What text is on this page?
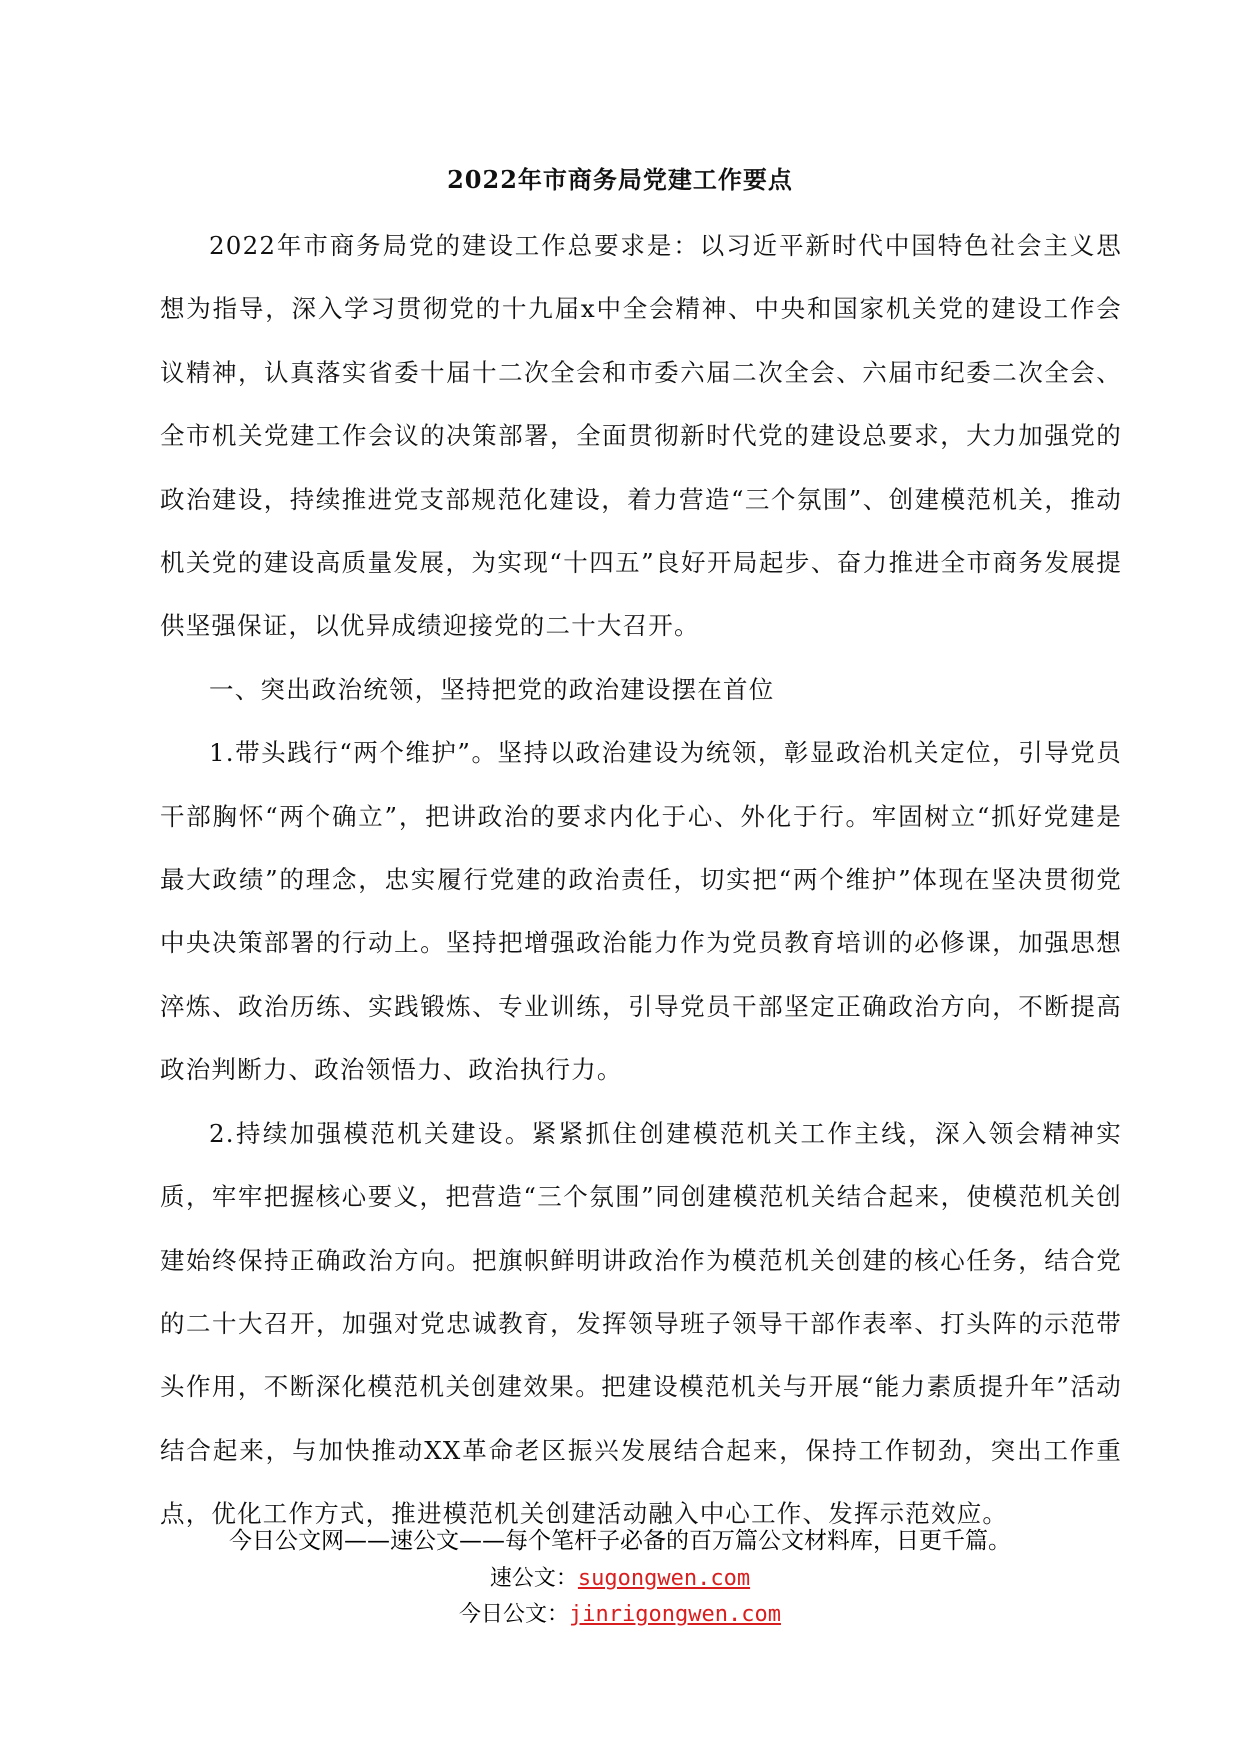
2022年市商务局党建工作要点

2022年市商务局党的建设工作总要求是：以习近平新时代中国特色社会主义思想为指导，深入学习贯彻党的十九届x中全会精神、中央和国家机关党的建设工作会议精神，认真落实省委十届十二次全会和市委六届二次全会、六届市纪委二次全会、全市机关党建工作会议的决策部署，全面贯彻新时代党的建设总要求，大力加强党的政治建设，持续推进党支部规范化建设，着力营造“三个氛围”、创建模范机关，推动机关党的建设高质量发展，为实现“十四五”良好开局起步、奋力推进全市商务发展提供坚强保证，以优异成绩迎接党的二十大召开。

一、突出政治统领，坚持把党的政治建设摆在首位

1.带头践行“两个维护”。坚持以政治建设为统领，彰显政治机关定位，引导党员干部胸怀“两个确立”，把讲政治的要求内化于心、外化于行。牢固树立“抓好党建是最大政绩”的理念，忠实履行党建的政治责任，切实把“两个维护”体现在坚决贯彻党中央决策部署的行动上。坚持把增强政治能力作为党员教育培训的必修课，加强思想淬炼、政治历练、实践锻炼、专业训练，引导党员干部坚定正确政治方向，不断提高政治判断力、政治领悟力、政治执行力。

2.持续加强模范机关建设。紧紧抓住创建模范机关工作主线，深入领会精神实质，牢牢把握核心要义，把营造“三个氛围”同创建模范机关结合起来，使模范机关创建始终保持正确政治方向。把旗帜鲜明讲政治作为模范机关创建的核心任务，结合党的二十大召开，加强对党忠诚教育，发挥领导班子领导干部作表率、打头阵的示范带头作用，不断深化模范机关创建效果。把建设模范机关与开展“能力素质提升年”活动结合起来，与加快推动XX革命老区振兴发展结合起来，保持工作韧劲，突出工作重点，优化工作方式，推进模范机关创建活动融入中心工作、发挥示范效应。

今日公文网——速公文——每个笔杆子必备的百万篇公文材料库，日更千篇。
速公文：sugongwen.com
今日公文：jinrigongwen.com
